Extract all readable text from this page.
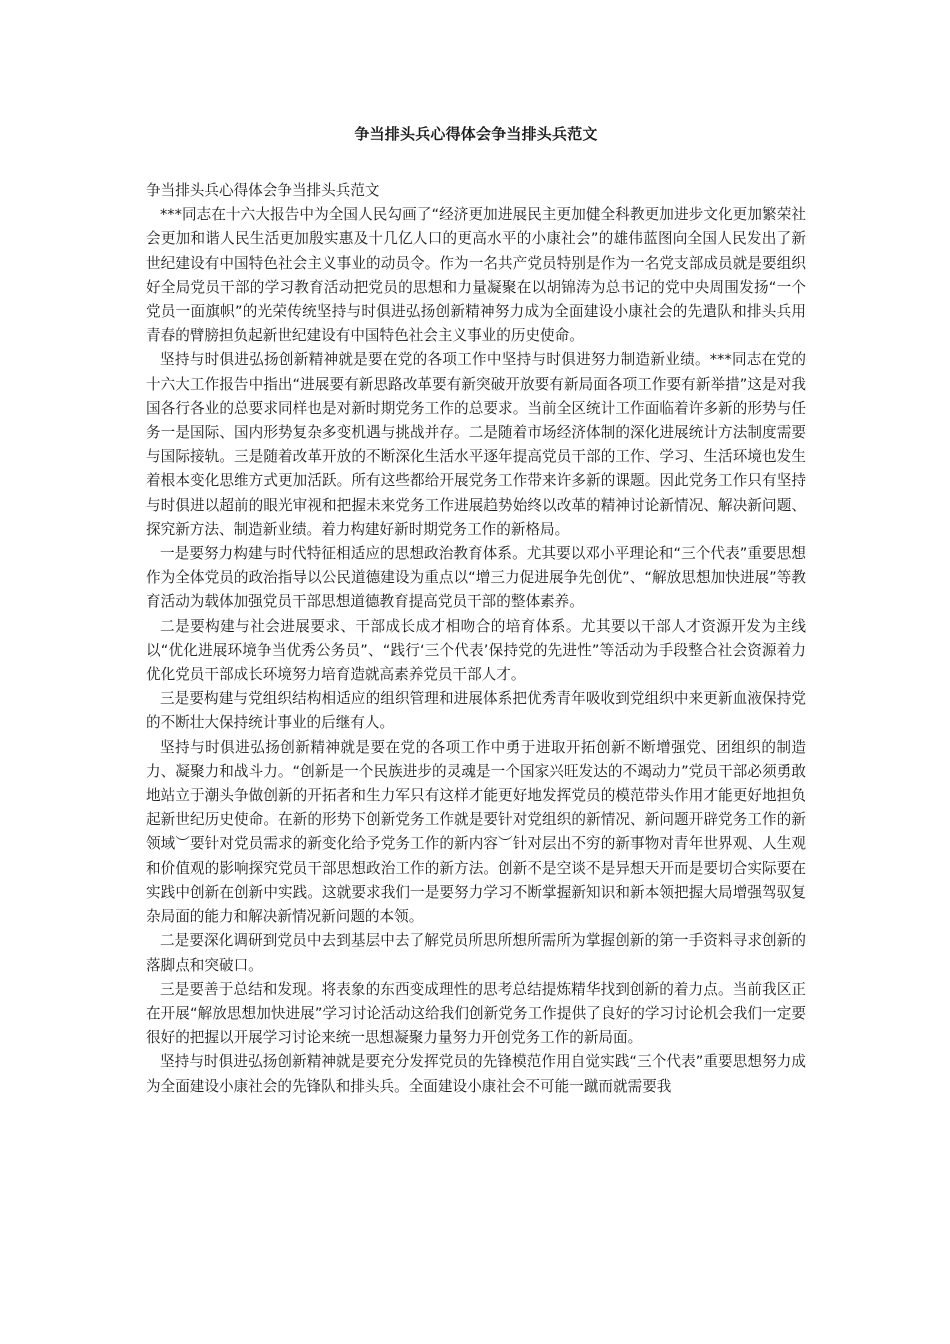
争当排头兵心得体会争当排头兵范文

争当排头兵心得体会争当排头兵范文

***同志在十六大报告中为全国人民勾画了“经济更加进展民主更加健全科教更加进步文化更加繁荣社会更加和谐人民生活更加殷实惠及十几亿人口的更高水平的小康社会”的雄伟蓝图向全国人民发出了新世纪建设有中国特色社会主义事业的动员令。作为一名共产党员特别是作为一名党支部成员就是要组织好全局党员干部的学习教育活动把党员的思想和力量凝聚在以胡锦涛为总书记的党中央周围发扬“一个党员一面旗帜”的光荣传统坚持与时俱进弘扬创新精神努力成为全面建设小康社会的先遣队和排头兵用青春的臂膀担负起新世纪建设有中国特色社会主义事业的历史使命。

坚持与时俱进弘扬创新精神就是要在党的各项工作中坚持与时俱进努力制造新业绩。***同志在党的十六大工作报告中指出“进展要有新思路改革要有新突破开放要有新局面各项工作要有新举措”这是对我国各行各业的总要求同样也是对新时期党务工作的总要求。当前全区统计工作面临着许多新的形势与任务一是国际、国内形势复杂多变机遇与挑战并存。二是随着市场经济体制的深化进展统计方法制度需要与国际接轨。三是随着改革开放的不断深化生活水平逐年提高党员干部的工作、学习、生活环境也发生着根本变化思维方式更加活跃。所有这些都给开展党务工作带来许多新的课题。因此党务工作只有坚持与时俱进以超前的眼光审视和把握未来党务工作进展趋势始终以改革的精神讨论新情况、解决新问题、探究新方法、制造新业绩。着力构建好新时期党务工作的新格局。

一是要努力构建与时代特征相适应的思想政治教育体系。尤其要以邓小平理论和“三个代表”重要思想作为全体党员的政治指导以公民道德建设为重点以“增三力促进展争先创优”、“解放思想加快进展”等教育活动为载体加强党员干部思想道德教育提高党员干部的整体素养。

二是要构建与社会进展要求、干部成长成才相吻合的培育体系。尤其要以干部人才资源开发为主线以“优化进展环境争当优秀公务员”、“践行‘三个代表’保持党的先进性”等活动为手段整合社会资源着力优化党员干部成长环境努力培育造就高素养党员干部人才。

三是要构建与党组织结构相适应的组织管理和进展体系把优秀青年吸收到党组织中来更新血液保持党的不断壮大保持统计事业的后继有人。

坚持与时俱进弘扬创新精神就是要在党的各项工作中勇于进取开拓创新不断增强党、团组织的制造力、凝聚力和战斗力。“创新是一个民族进步的灵魂是一个国家兴旺发达的不竭动力”党员干部必须勇敢地站立于潮头争做创新的开拓者和生力军只有这样才能更好地发挥党员的模范带头作用才能更好地担负起新世纪历史使命。在新的形势下创新党务工作就是要针对党组织的新情况、新问题开辟党务工作的新领域︶要针对党员需求的新变化给予党务工作的新内容︶针对层出不穷的新事物对青年世界观、人生观和价值观的影响探究党员干部思想政治工作的新方法。创新不是空谈不是异想天开而是要切合实际要在实践中创新在创新中实践。这就要求我们一是要努力学习不断掌握新知识和新本领把握大局增强驾驭复杂局面的能力和解决新情况新问题的本领。

二是要深化调研到党员中去到基层中去了解党员所思所想所需所为掌握创新的第一手资料寻求创新的落脚点和突破口。

三是要善于总结和发现。将表象的东西变成理性的思考总结提炼精华找到创新的着力点。当前我区正在开展“解放思想加快进展”学习讨论活动这给我们创新党务工作提供了良好的学习讨论机会我们一定要很好的把握以开展学习讨论来统一思想凝聚力量努力开创党务工作的新局面。

坚持与时俱进弘扬创新精神就是要充分发挥党员的先锋模范作用自觉实践“三个代表”重要思想努力成为全面建设小康社会的先锋队和排头兵。全面建设小康社会不可能一蹴而就需要我
